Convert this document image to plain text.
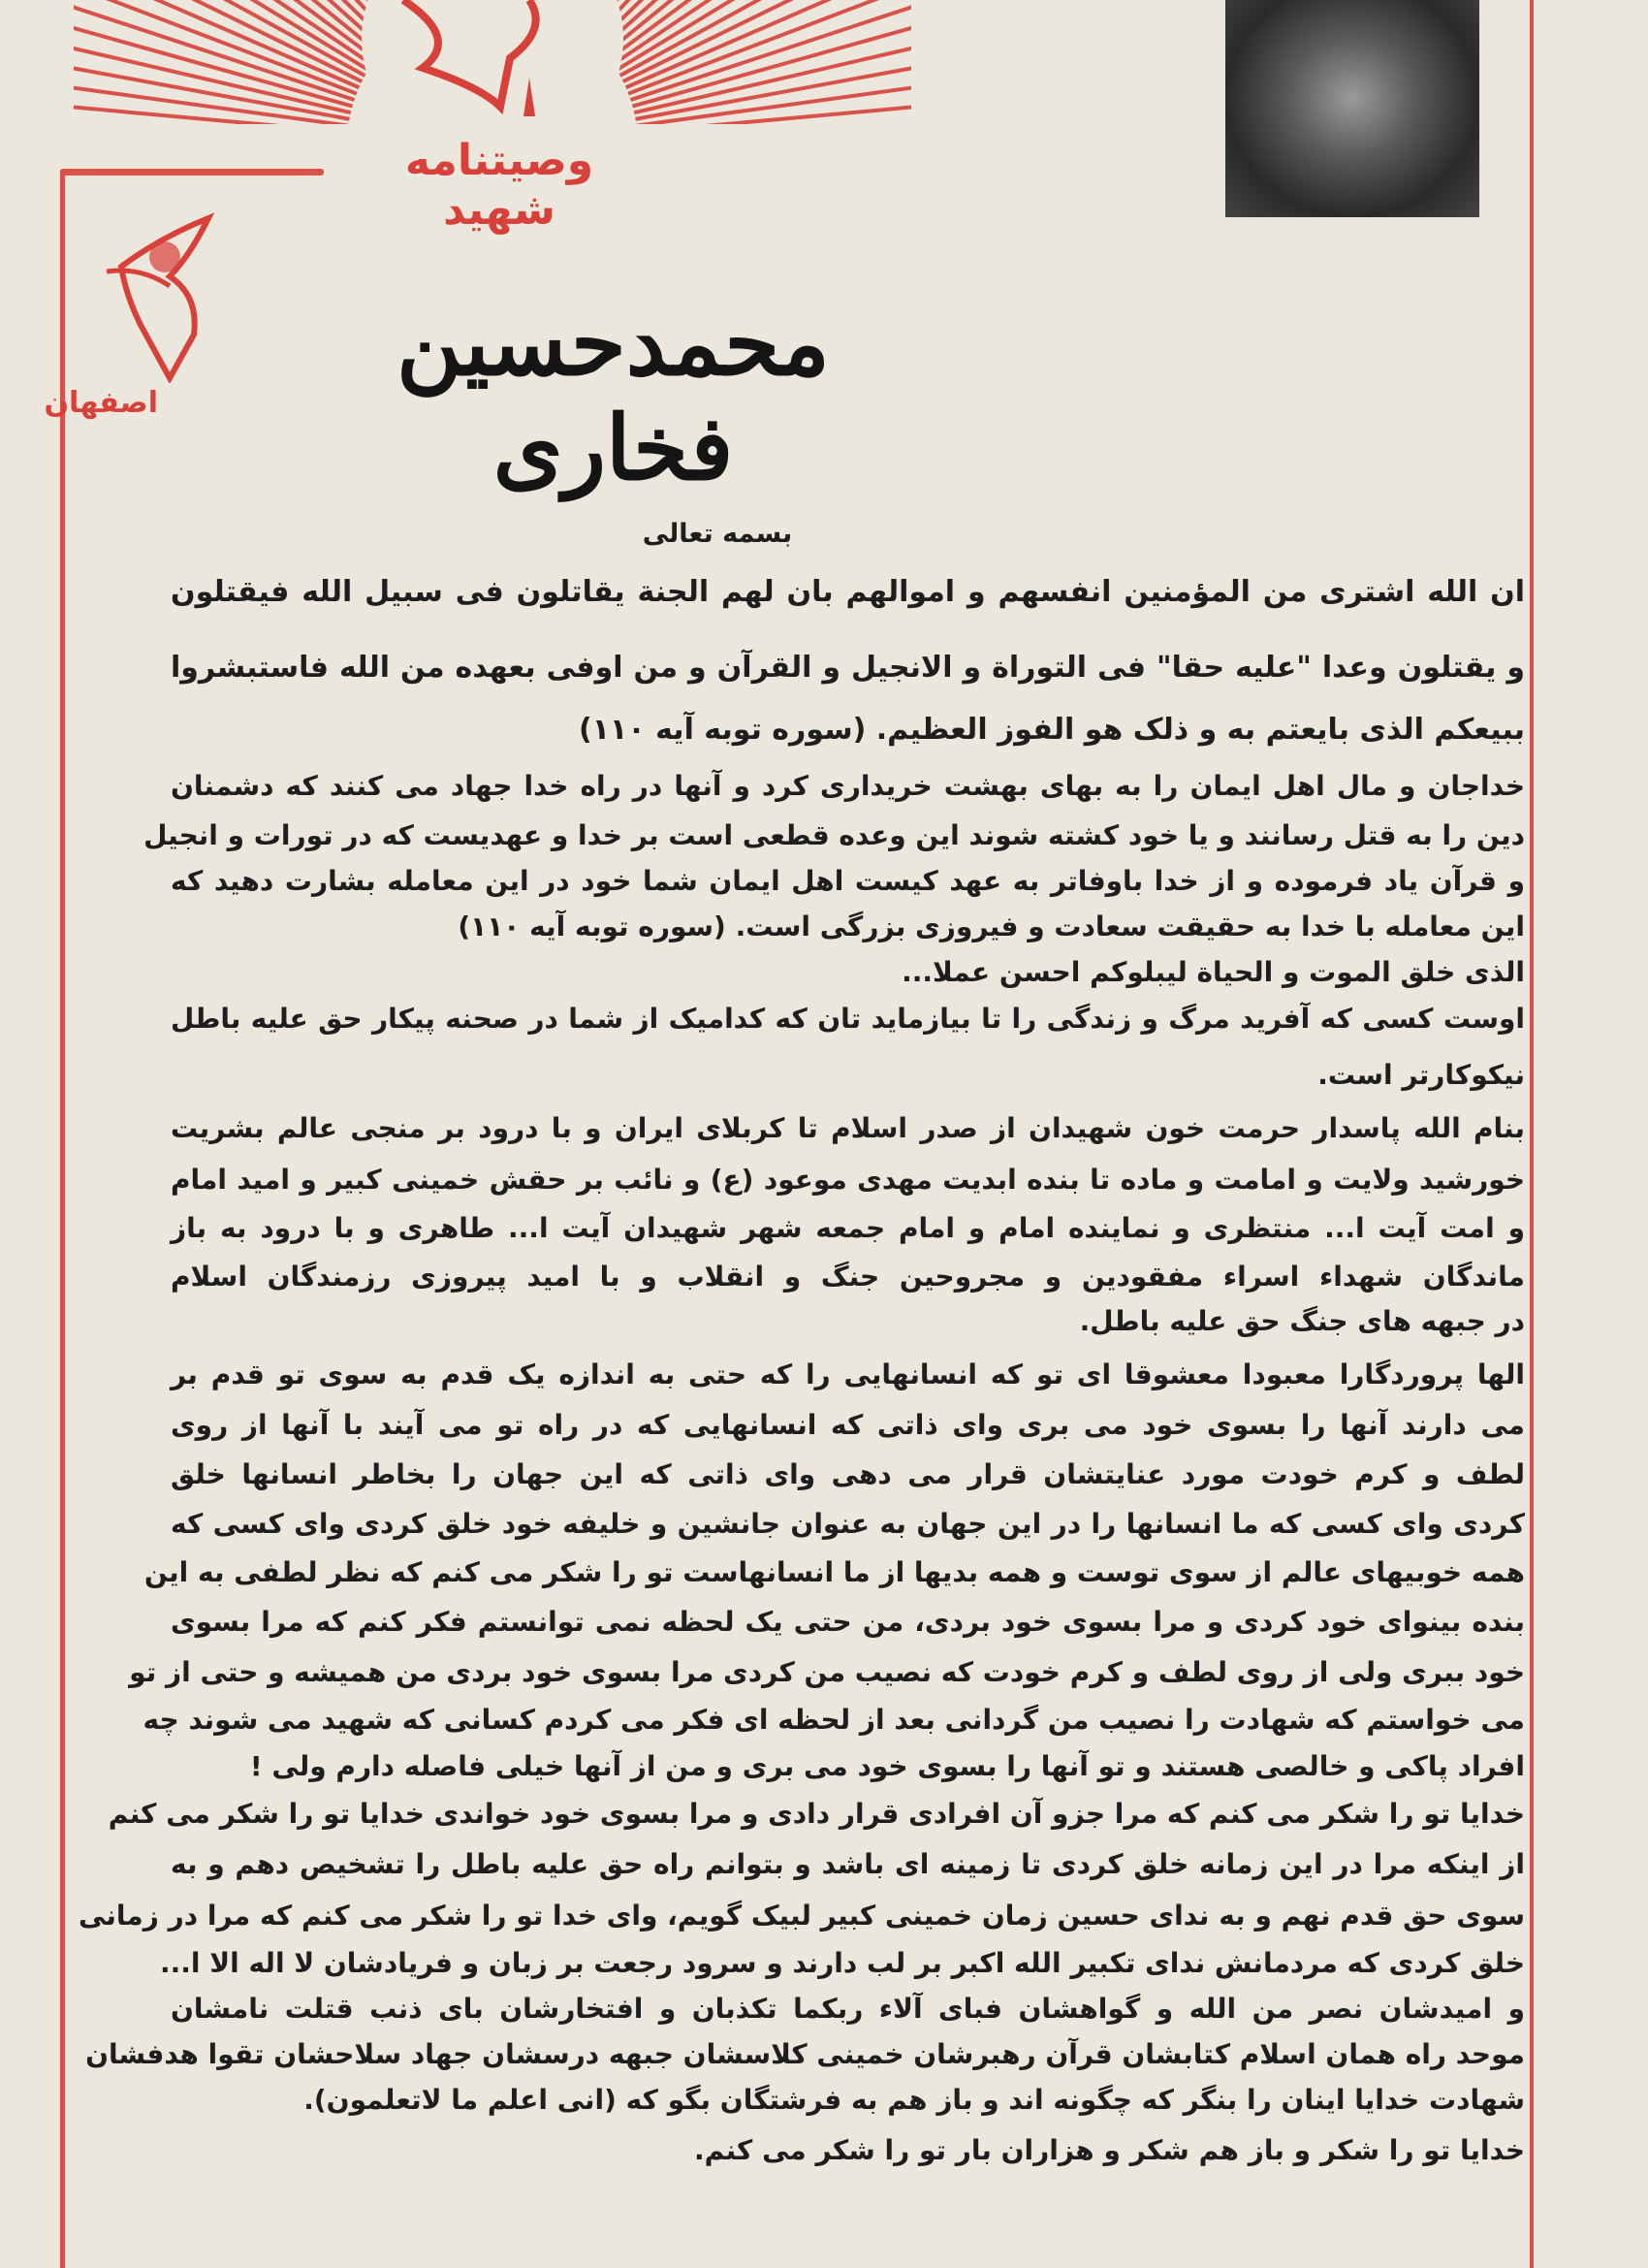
وصیتنامه شهید
اصفهان
محمدحسین فخاری
بسمه تعالی
ان الله اشتری من المؤمنین انفسهم و اموالهم بان لهم الجنة یقاتلون فی سبیل الله فیقتلون
و یقتلون وعدا "علیه حقا" فی التوراة و الانجیل و القرآن و من اوفی بعهده من الله فاستبشروا
ببیعکم الذی بایعتم به و ذلک هو الفوز العظیم. (سوره توبه آیه ۱۱۰)
خداجان و مال اهل ایمان را به بهای بهشت خریداری کرد و آنها در راه خدا جهاد می کنند که دشمنان
دین را به قتل رسانند و یا خود کشته شوند این وعده قطعی است بر خدا و عهدیست که در تورات و انجیل
و قرآن یاد فرموده و از خدا باوفاتر به عهد کیست اهل ایمان شما خود در این معامله بشارت دهید که
این معامله با خدا به حقیقت سعادت و فیروزی بزرگی است. (سوره توبه آیه ۱۱۰)
الذی خلق الموت و الحیاة لیبلوکم احسن عملا...
اوست کسی که آفرید مرگ و زندگی را تا بیازماید تان که کدامیک از شما در صحنه پیکار حق علیه باطل
نیکوکارتر است.
بنام الله پاسدار حرمت خون شهیدان از صدر اسلام تا کربلای ایران و با درود بر منجی عالم بشریت
خورشید ولایت و امامت و ماده تا بنده ابدیت مهدی موعود (ع) و نائب بر حقش خمینی کبیر و امید امام
و امت آیت ا... منتظری و نماینده امام و امام جمعه شهر شهیدان آیت ا... طاهری و با درود به باز
ماندگان شهداء اسراء مفقودین و مجروحین جنگ و انقلاب و با امید پیروزی رزمندگان اسلام
در جبهه های جنگ حق علیه باطل.
الها پروردگارا معبودا معشوقا ای تو که انسانهایی را که حتی به اندازه یک قدم به سوی تو قدم بر
می دارند آنها را بسوی خود می بری وای ذاتی که انسانهایی که در راه تو می آیند با آنها از روی
لطف و کرم خودت مورد عنایتشان قرار می دهی وای ذاتی که این جهان را بخاطر انسانها خلق
کردی وای کسی که ما انسانها را در این جهان به عنوان جانشین و خلیفه خود خلق کردی وای کسی که
همه خوبیهای عالم از سوی توست و همه بدیها از ما انسانهاست تو را شکر می کنم که نظر لطفی به این
بنده بینوای خود کردی و مرا بسوی خود بردی، من حتی یک لحظه نمی توانستم فکر کنم که مرا بسوی
خود ببری ولی از روی لطف و کرم خودت که نصیب من کردی مرا بسوی خود بردی من همیشه و حتی از تو
می خواستم که شهادت را نصیب من گردانی بعد از لحظه ای فکر می کردم کسانی که شهید می شوند چه
افراد پاکی و خالصی هستند و تو آنها را بسوی خود می بری و من از آنها خیلی فاصله دارم ولی !
خدایا تو را شکر می کنم که مرا جزو آن افرادی قرار دادی و مرا بسوی خود خواندی خدایا تو را شکر می کنم
از اینکه مرا در این زمانه خلق کردی تا زمینه ای باشد و بتوانم راه حق علیه باطل را تشخیص دهم و به
سوی حق قدم نهم و به ندای حسین زمان خمینی کبیر لبیک گویم، وای خدا تو را شکر می کنم که مرا در زمانی
خلق کردی که مردمانش ندای تکبیر الله اکبر بر لب دارند و سرود رجعت بر زبان و فریادشان لا اله الا ا...
و امیدشان نصر من الله و گواهشان فبای آلاء ربکما تکذبان و افتخارشان بای ذنب قتلت نامشان
موحد راه همان اسلام کتابشان قرآن رهبرشان خمینی کلاسشان جبهه درسشان جهاد سلاحشان تقوا هدفشان
شهادت خدایا اینان را بنگر که چگونه اند و باز هم به فرشتگان بگو که (انی اعلم ما لاتعلمون).
خدایا تو را شکر و باز هم شکر و هزاران بار تو را شکر می کنم.
